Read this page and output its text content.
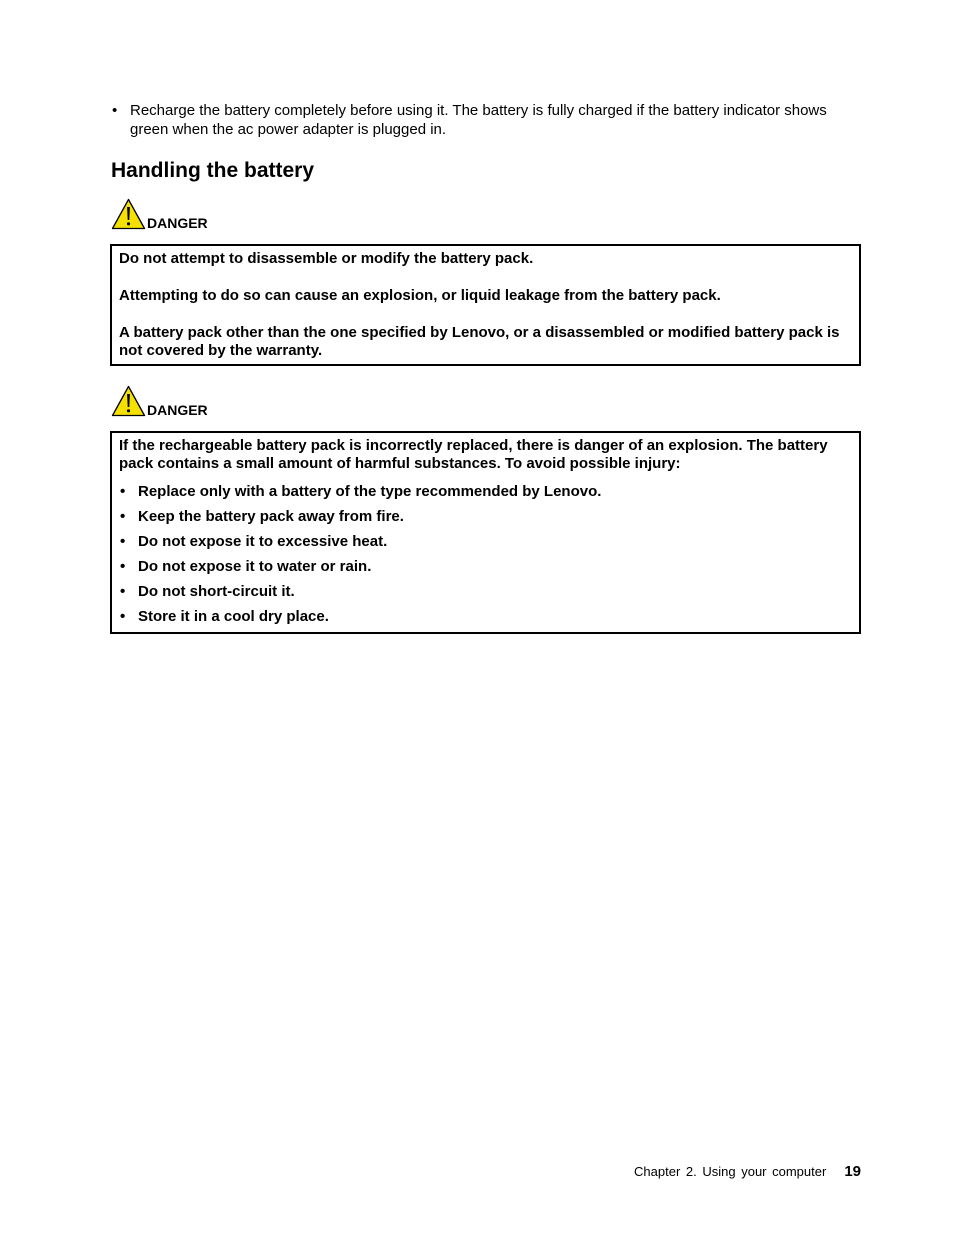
• Recharge the battery completely before using it. The battery is fully charged if the battery indicator shows green when the ac power adapter is plugged in.
Handling the battery
DANGER

Do not attempt to disassemble or modify the battery pack.

Attempting to do so can cause an explosion, or liquid leakage from the battery pack.

A battery pack other than the one specified by Lenovo, or a disassembled or modified battery pack is not covered by the warranty.

DANGER

If the rechargeable battery pack is incorrectly replaced, there is danger of an explosion. The battery pack contains a small amount of harmful substances. To avoid possible injury:

• Replace only with a battery of the type recommended by Lenovo.
• Keep the battery pack away from fire.
• Do not expose it to excessive heat.
• Do not expose it to water or rain.
• Do not short-circuit it.
• Store it in a cool dry place.
Chapter 2. Using your computer 19
